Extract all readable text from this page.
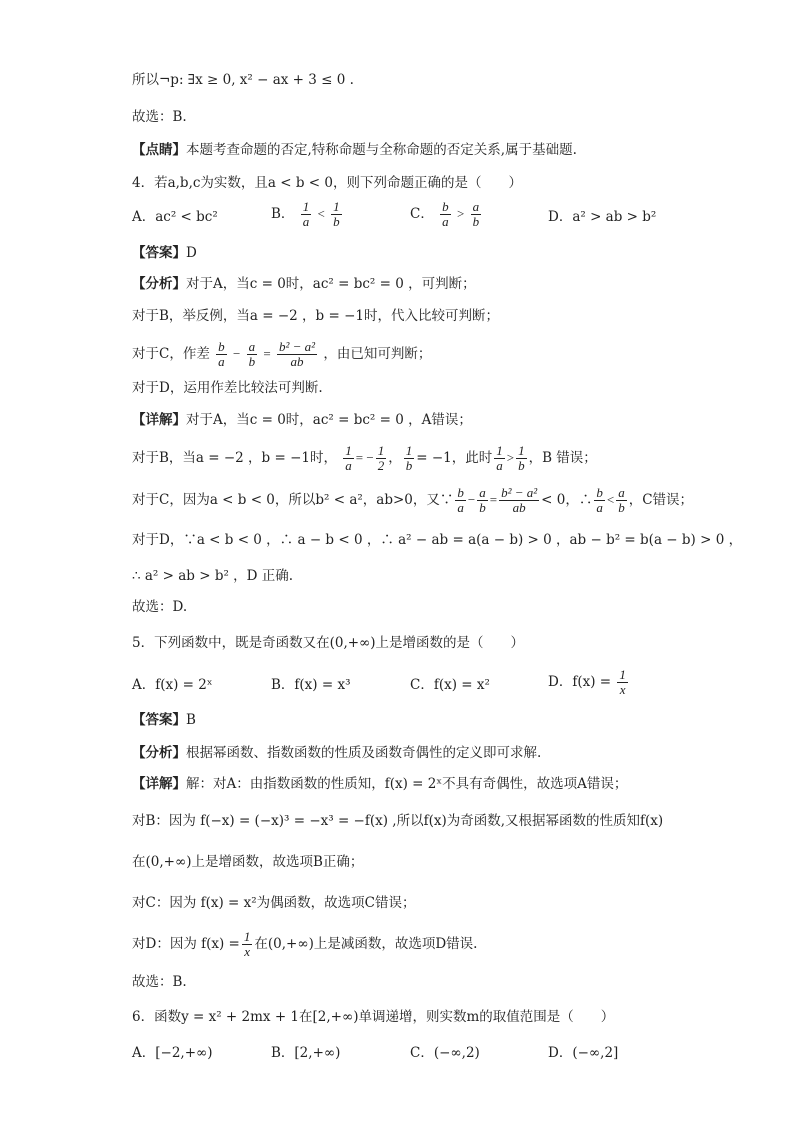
所以¬p: ∃x ≥ 0, x² − ax + 3 ≤ 0 .
故选：B.
【点睛】本题考查命题的否定,特称命题与全称命题的否定关系,属于基础题.
4．若a,b,c为实数，且a < b < 0，则下列命题正确的是（　　）
A．ac² < bc²	B． $\frac{1}{a} < \frac{1}{b}$	C． $\frac{b}{a} > \frac{a}{b}$	D．a² > ab > b²
【答案】D
【分析】对于A，当c = 0时，ac² = bc² = 0 ，可判断；
对于B，举反例，当a = −2 ，b = −1时，代入比较可判断；
对于C，作差 $\frac{b}{a} - \frac{a}{b} = \frac{\text{b² − a²}}{ab}$ ，由已知可判断；
对于D，运用作差比较法可判断.
【详解】对于A，当c = 0时，ac² = bc² = 0 ，A错误；
对于B，当a = −2 ，b = −1时， $\frac{1}{a}$ = − $\frac{1}{2}$ ， $\frac{1}{b} = -1$，此时 $\frac{1}{a} > \frac{1}{b}$ ，B 错误；
对于C，因为a < b < 0，所以b² < a²，ab>0，又∵ $\frac{b}{a} - \frac{a}{b} = \frac{\text{b² − a²}}{ab} < 0$，∴ $\frac{b}{a} < \frac{a}{b}$ ，C错误；
对于D，∵a < b < 0 ，∴ a − b < 0 ，∴ a² − ab = a(a − b) > 0 ，ab − b² = b(a − b) > 0 ，
∴ a² > ab > b² ，D 正确.
故选：D.
5．下列函数中，既是奇函数又在(0,+∞)上是增函数的是（　　）
A．f(x) = 2ˣ	B．f(x) = x³	C．f(x) = x²	D．$f(x) = \frac{1}{x}$
【答案】B
【分析】根据幂函数、指数函数的性质及函数奇偶性的定义即可求解.
【详解】解：对A：由指数函数的性质知，f(x) = 2ˣ不具有奇偶性，故选项A错误；
对B：因为 f(−x) = (−x)³ = −x³ = −f(x) ,所以f(x)为奇函数,又根据幂函数的性质知f(x)
在(0,+∞)上是增函数，故选项B正确；
对C：因为 f(x) = x²为偶函数，故选项C错误；
对D：因为 $f(x) = \frac{1}{x}$ 在(0,+∞)上是减函数，故选项D错误.
故选：B.
6．函数y = x² + 2mx + 1在[2,+∞)单调递增，则实数m的取值范围是（　　）
A．[−2,+∞)	B．[2,+∞)	C．(−∞,2)	D．(−∞,2]
